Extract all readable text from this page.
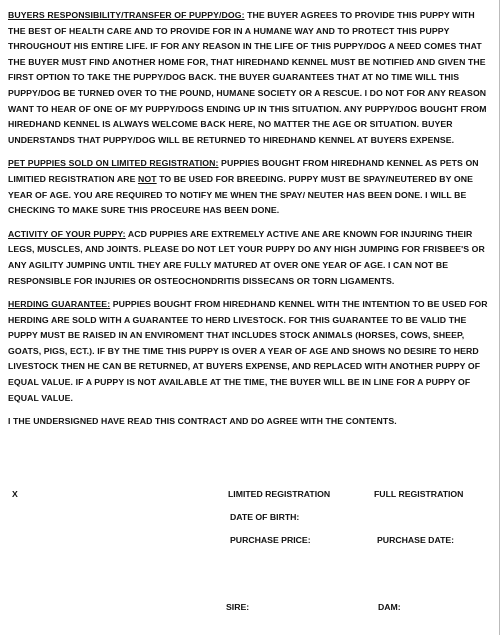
BUYERS RESPONSIBILITY/TRANSFER OF PUPPY/DOG: THE BUYER AGREES TO PROVIDE THIS PUPPY WITH THE BEST OF HEALTH CARE AND TO PROVIDE FOR IN A HUMANE WAY AND TO PROTECT THIS PUPPY THROUGHOUT HIS ENTIRE LIFE. IF FOR ANY REASON IN THE LIFE OF THIS PUPPY/DOG A NEED COMES THAT THE BUYER MUST FIND ANOTHER HOME FOR, THAT HIREDHAND KENNEL MUST BE NOTIFIED AND GIVEN THE FIRST OPTION TO TAKE THE PUPPY/DOG BACK. THE BUYER GUARANTEES THAT AT NO TIME WILL THIS PUPPY/DOG BE TURNED OVER TO THE POUND, HUMANE SOCIETY OR A RESCUE. I DO NOT FOR ANY REASON WANT TO HEAR OF ONE OF MY PUPPY/DOGS ENDING UP IN THIS SITUATION. ANY PUPPY/DOG BOUGHT FROM HIREDHAND KENNEL IS ALWAYS WELCOME BACK HERE, NO MATTER THE AGE OR SITUATION. BUYER UNDERSTANDS THAT PUPPY/DOG WILL BE RETURNED TO HIREDHAND KENNEL AT BUYERS EXPENSE.

PET PUPPIES SOLD ON LIMITED REGISTRATION: PUPPIES BOUGHT FROM HIREDHAND KENNEL AS PETS ON LIMITIED REGISTRATION ARE NOT TO BE USED FOR BREEDING. PUPPY MUST BE SPAY/NEUTERED BY ONE YEAR OF AGE. YOU ARE REQUIRED TO NOTIFY ME WHEN THE SPAY/ NEUTER HAS BEEN DONE. I WILL BE CHECKING TO MAKE SURE THIS PROCEURE HAS BEEN DONE.

ACTIVITY OF YOUR PUPPY: ACD PUPPIES ARE EXTREMELY ACTIVE ANE ARE KNOWN FOR INJURING THEIR LEGS, MUSCLES, AND JOINTS. PLEASE DO NOT LET YOUR PUPPY DO ANY HIGH JUMPING FOR FRISBEE'S OR ANY AGILITY JUMPING UNTIL THEY ARE FULLY MATURED AT OVER ONE YEAR OF AGE. I CAN NOT BE RESPONSIBLE FOR INJURIES OR OSTEOCHONDRITIS DISSECANS OR TORN LIGAMENTS.

HERDING GUARANTEE: PUPPIES BOUGHT FROM HIREDHAND KENNEL WITH THE INTENTION TO BE USED FOR HERDING ARE SOLD WITH A GUARANTEE TO HERD LIVESTOCK. FOR THIS GUARANTEE TO BE VALID THE PUPPY MUST BE RAISED IN AN ENVIROMENT THAT INCLUDES STOCK ANIMALS (HORSES, COWS, SHEEP, GOATS, PIGS, ECT.). IF BY THE TIME THIS PUPPY IS OVER A YEAR OF AGE AND SHOWS NO DESIRE TO HERD LIVESTOCK THEN HE CAN BE RETURNED, AT BUYERS EXPENSE, AND REPLACED WITH ANOTHER PUPPY OF EQUAL VALUE. IF A PUPPY IS NOT AVAILABLE AT THE TIME, THE BUYER WILL BE IN LINE FOR A PUPPY OF EQUAL VALUE.

I THE UNDERSIGNED HAVE READ THIS CONTRACT AND DO AGREE WITH THE CONTENTS.

X	LIMITED REGISTRATION	FULL REGISTRATION
DATE OF BIRTH:
PURCHASE PRICE:	PURCHASE DATE:
SIRE:	DAM:
